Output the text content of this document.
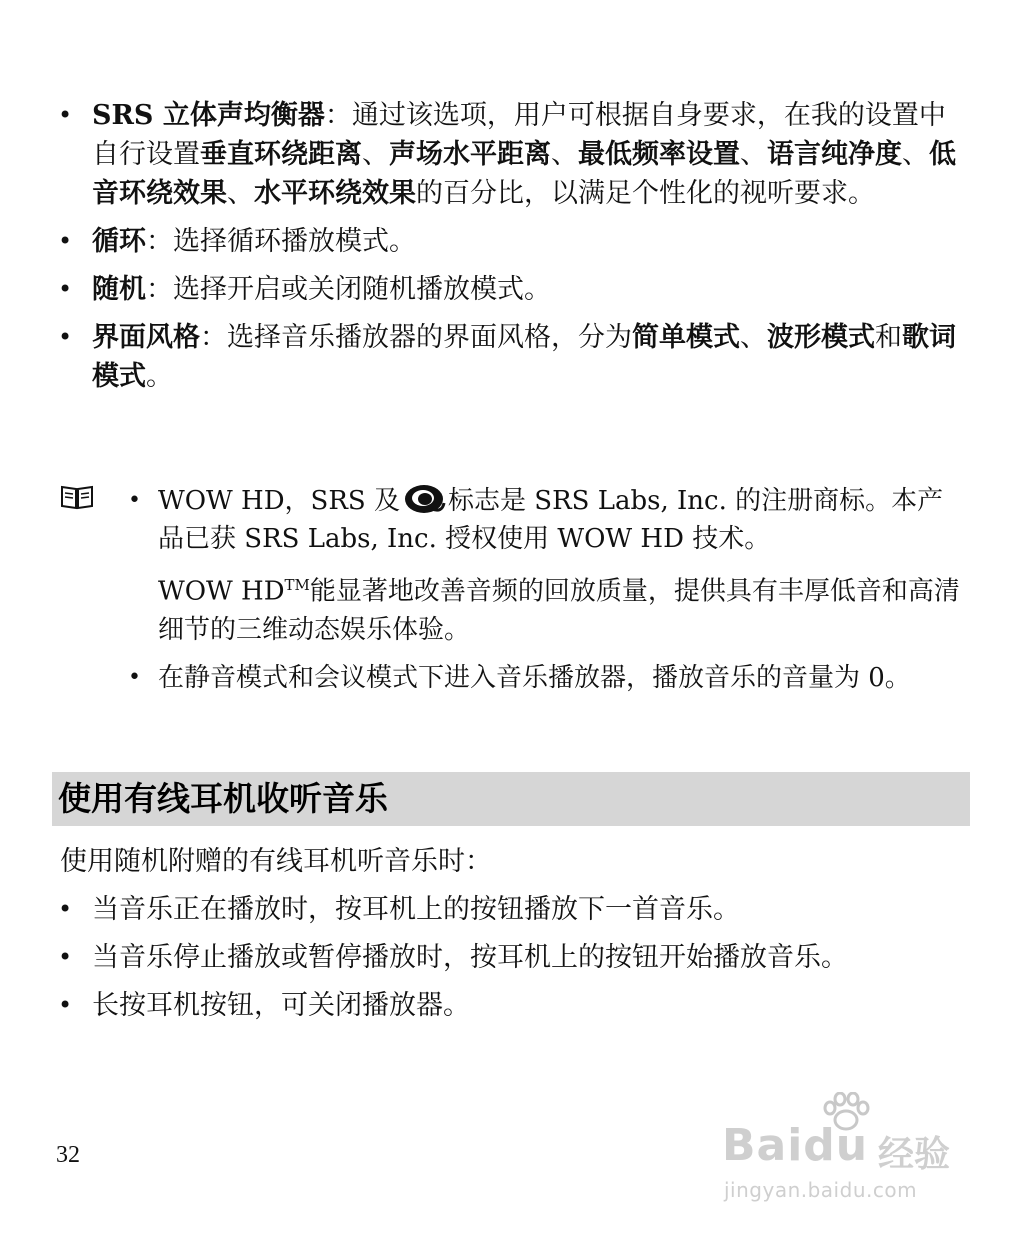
• SRS 立体声均衡器：通过该选项，用户可根据自身要求，在我的设置中自行设置垂直环绕距离、声场水平距离、最低频率设置、语言纯净度、低音环绕效果、水平环绕效果的百分比，以满足个性化的视听要求。
• 循环：选择循环播放模式。
• 随机：选择开启或关闭随机播放模式。
• 界面风格：选择音乐播放器的界面风格，分为简单模式、波形模式和歌词模式。
• WOW HD，SRS 及 标志是 SRS Labs, Inc. 的注册商标。本产品已获 SRS Labs, Inc. 授权使用 WOW HD 技术。

WOW HD™能显著地改善音频的回放质量，提供具有丰厚低音和高清细节的三维动态娱乐体验。

• 在静音模式和会议模式下进入音乐播放器，播放音乐的音量为 0。
使用有线耳机收听音乐

使用随机附赠的有线耳机听音乐时：

• 当音乐正在播放时，按耳机上的按钮播放下一首音乐。
• 当音乐停止播放或暂停播放时，按耳机上的按钮开始播放音乐。
• 长按耳机按钮，可关闭播放器。
32	Baidu 经验
jingyan.baidu.com
